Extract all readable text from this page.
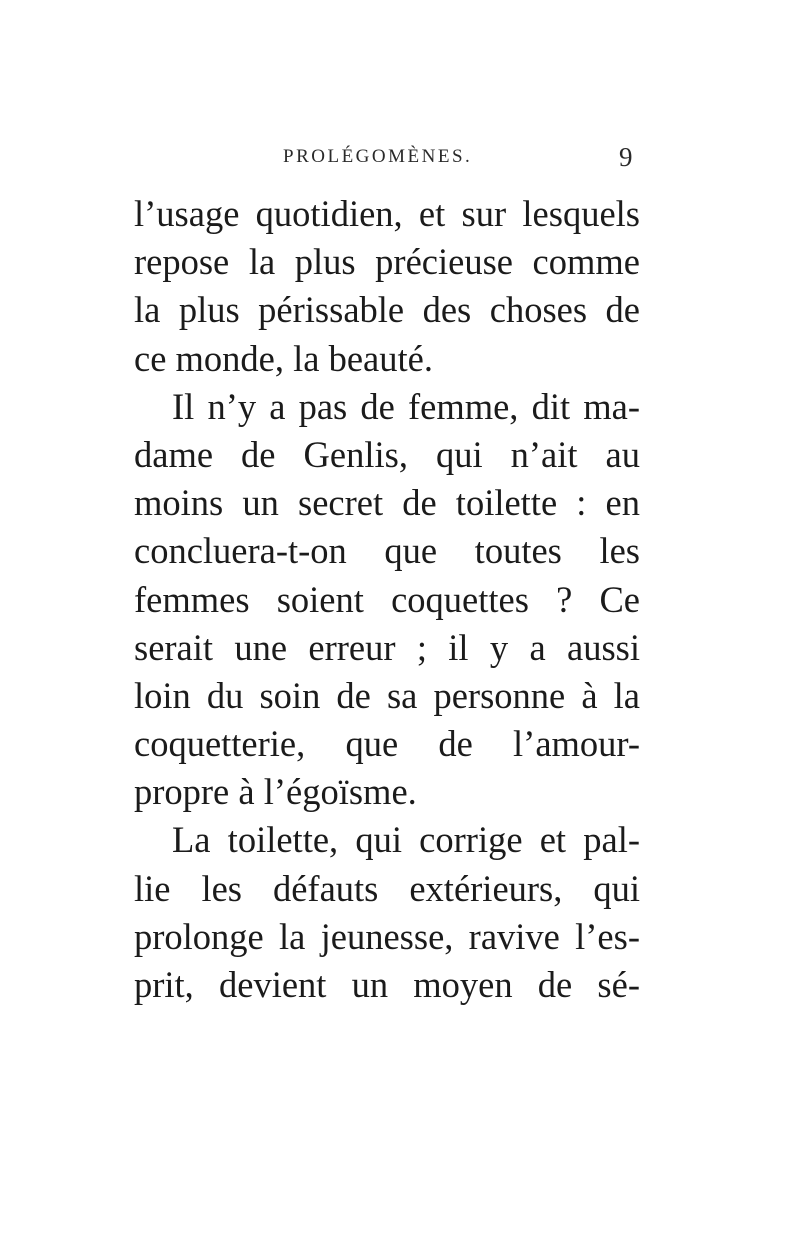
PROLÉGOMÈNES.	9
l’usage quotidien, et sur lesquels
repose la plus précieuse comme
la plus périssable des choses de
ce monde, la beauté.
Il n’y a pas de femme, dit ma-
dame de Genlis, qui n’ait au
moins un secret de toilette : en
concluera-t-on que toutes les
femmes soient coquettes ? Ce
serait une erreur ; il y a aussi
loin du soin de sa personne à la
coquetterie, que de l’amour-
propre à l’égoïsme.
La toilette, qui corrige et pal-
lie les défauts extérieurs, qui
prolonge la jeunesse, ravive l’es-
prit, devient un moyen de sé-
